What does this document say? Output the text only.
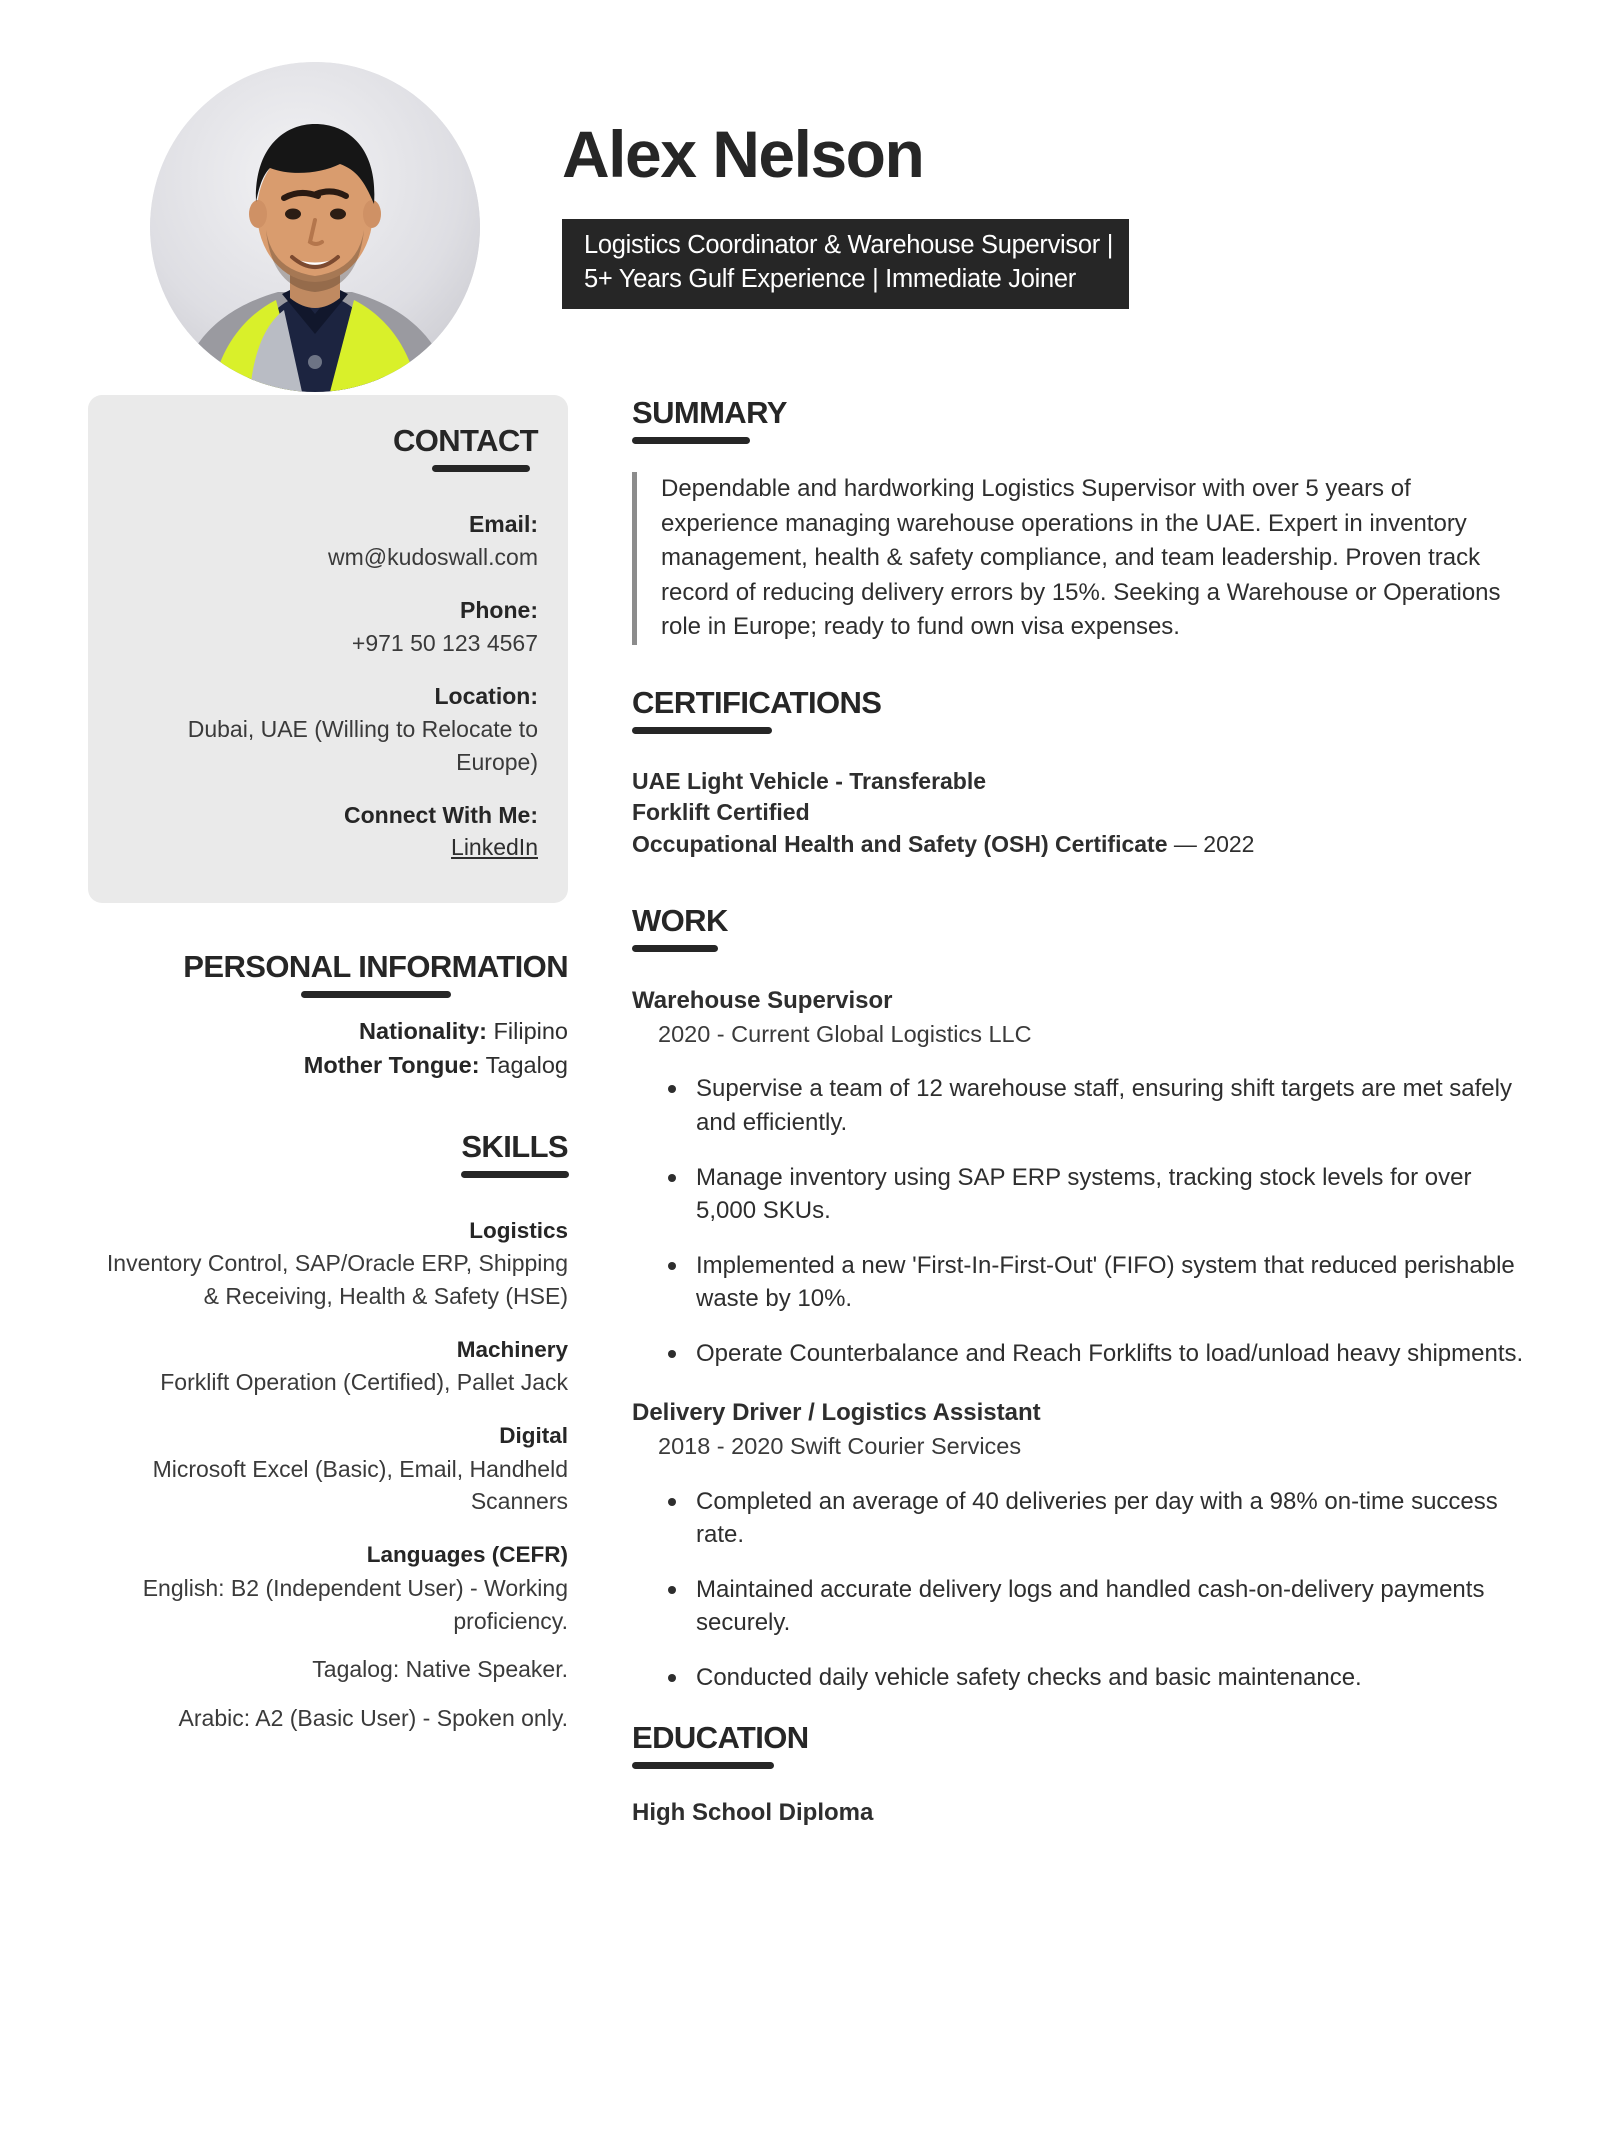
Alex Nelson
Logistics Coordinator & Warehouse Supervisor |
5+ Years Gulf Experience | Immediate Joiner
CONTACT
Email:
wm@kudoswall.com
Phone:
+971 50 123 4567
Location:
Dubai, UAE (Willing to Relocate to Europe)
Connect With Me:
LinkedIn
PERSONAL INFORMATION
Nationality: Filipino
Mother Tongue: Tagalog
SKILLS
Logistics
Inventory Control, SAP/Oracle ERP, Shipping & Receiving, Health & Safety (HSE)
Machinery
Forklift Operation (Certified), Pallet Jack
Digital
Microsoft Excel (Basic), Email, Handheld Scanners
Languages (CEFR)
English: B2 (Independent User) - Working proficiency.
Tagalog: Native Speaker.
Arabic: A2 (Basic User) - Spoken only.
SUMMARY
Dependable and hardworking Logistics Supervisor with over 5 years of experience managing warehouse operations in the UAE. Expert in inventory management, health & safety compliance, and team leadership. Proven track record of reducing delivery errors by 15%. Seeking a Warehouse or Operations role in Europe; ready to fund own visa expenses.
CERTIFICATIONS
UAE Light Vehicle - Transferable
Forklift Certified
Occupational Health and Safety (OSH) Certificate — 2022
WORK
Warehouse Supervisor
2020 - Current Global Logistics LLC
Supervise a team of 12 warehouse staff, ensuring shift targets are met safely and efficiently.
Manage inventory using SAP ERP systems, tracking stock levels for over 5,000 SKUs.
Implemented a new 'First-In-First-Out' (FIFO) system that reduced perishable waste by 10%.
Operate Counterbalance and Reach Forklifts to load/unload heavy shipments.
Delivery Driver / Logistics Assistant
2018 - 2020 Swift Courier Services
Completed an average of 40 deliveries per day with a 98% on-time success rate.
Maintained accurate delivery logs and handled cash-on-delivery payments securely.
Conducted daily vehicle safety checks and basic maintenance.
EDUCATION
High School Diploma
